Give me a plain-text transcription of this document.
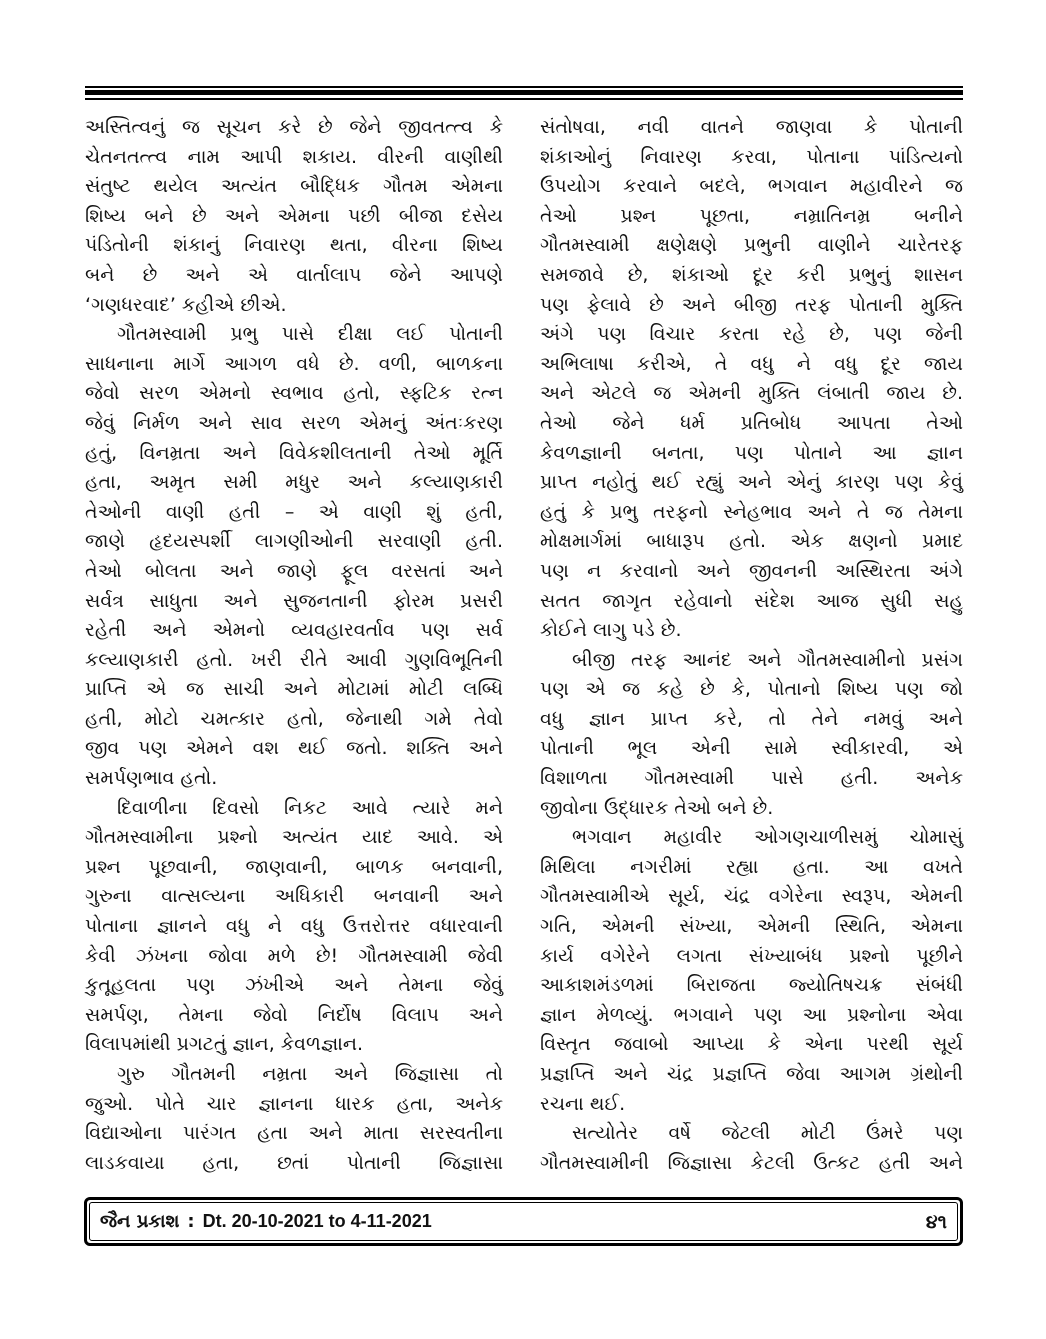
અસ્તિત્વનું જ સૂચન કરે છે જેને જીવતત્ત્વ કે
ચેતનતત્ત્વ નામ આપી શકાય. વીરની વાણીથી
સંતુષ્ટ થયેલ અત્યંત બૌદ્ધિક ગૌતમ એમના
શિષ્ય બને છે અને એમના પછી બીજા દસેય
પંડિતોની શંકાનું નિવારણ થતા, વીરના શિષ્ય
બને છે અને એ વાર્તાલાપ જેને આપણે
‘ગણધરવાદ’ કહીએ છીએ.
ગૌતમસ્વામી પ્રભુ પાસે દીક્ષા લઈ પોતાની
સાધનાના માર્ગે આગળ વધે છે. વળી, બાળકના
જેવો સરળ એમનો સ્વભાવ હતો, સ્ફટિક રત્ન
જેવું નિર્મળ અને સાવ સરળ એમનું અંતઃકરણ
હતું, વિનમ્રતા અને વિવેકશીલતાની તેઓ મૂર્તિ
હતા, અમૃત સમી મધુર અને કલ્યાણકારી
તેઓની વાણી હતી – એ વાણી શું હતી,
જાણે હૃદયસ્પર્શી લાગણીઓની સરવાણી હતી.
તેઓ બોલતા અને જાણે ફૂલ વરસતાં અને
સર્વત્ર સાધુતા અને સુજનતાની ફોરમ પ્રસરી
રહેતી અને એમનો વ્યવહારવર્તાવ પણ સર્વ
કલ્યાણકારી હતો. ખરી રીતે આવી ગુણવિભૂતિની
પ્રાપ્તિ એ જ સાચી અને મોટામાં મોટી લબ્ધિ
હતી, મોટો ચમત્કાર હતો, જેનાથી ગમે તેવો
જીવ પણ એમને વશ થઈ જતો. શક્તિ અને
સમર્પણભાવ હતો.
દિવાળીના દિવસો નિકટ આવે ત્યારે મને
ગૌતમસ્વામીના પ્રશ્નો અત્યંત યાદ આવે. એ
પ્રશ્ન પૂછવાની, જાણવાની, બાળક બનવાની,
ગુરુના વાત્સલ્યના અધિકારી બનવાની અને
પોતાના જ્ઞાનને વધુ ને વધુ ઉત્તરોત્તર વધારવાની
કેવી ઝંખના જોવા મળે છે! ગૌતમસ્વામી જેવી
કુતૂહલતા પણ ઝંખીએ અને તેમના જેવું
સમર્પણ, તેમના જેવો નિર્દોષ વિલાપ અને
વિલાપમાંથી પ્રગટતું જ્ઞાન, કેવળજ્ઞાન.
ગુરુ ગૌતમની નમ્રતા અને જિજ્ઞાસા તો
જુઓ. પોતે ચાર જ્ઞાનના ધારક હતા, અનેક
વિદ્યાઓના પારંગત હતા અને માતા સરસ્વતીના
લાડકવાયા હતા, છતાં પોતાની જિજ્ઞાસા
સંતોષવા, નવી વાતને જાણવા કે પોતાની
શંકાઓનું નિવારણ કરવા, પોતાના પાંડિત્યનો
ઉપયોગ કરવાને બદલે, ભગવાન મહાવીરને જ
તેઓ પ્રશ્ન પૂછતા, નમ્રાતિનમ્ર બનીને
ગૌતમસ્વામી ક્ષણેક્ષણે પ્રભુની વાણીને ચારેતરફ
સમજાવે છે, શંકાઓ દૂર કરી પ્રભુનું શાસન
પણ ફેલાવે છે અને બીજી તરફ પોતાની મુક્તિ
અંગે પણ વિચાર કરતા રહે છે, પણ જેની
અભિલાષા કરીએ, તે વધુ ને વધુ દૂર જાય
અને એટલે જ એમની મુક્તિ લંબાતી જાય છે.
તેઓ જેને ધર્મ પ્રતિબોધ આપતા તેઓ
કેવળજ્ઞાની બનતા, પણ પોતાને આ જ્ઞાન
પ્રાપ્ત નહોતું થઈ રહ્યું અને એનું કારણ પણ કેવું
હતું કે પ્રભુ તરફનો સ્નેહભાવ અને તે જ તેમના
મોક્ષમાર્ગમાં બાધારૂપ હતો. એક ક્ષણનો પ્રમાદ
પણ ન કરવાનો અને જીવનની અસ્થિરતા અંગે
સતત જાગૃત રહેવાનો સંદેશ આજ સુધી સહુ
કોઈને લાગુ પડે છે.
બીજી તરફ આનંદ અને ગૌતમસ્વામીનો પ્રસંગ
પણ એ જ કહે છે કે, પોતાનો શિષ્ય પણ જો
વધુ જ્ઞાન પ્રાપ્ત કરે, તો તેને નમવું અને
પોતાની ભૂલ એની સામે સ્વીકારવી, એ
વિશાળતા ગૌતમસ્વામી પાસે હતી. અનેક
જીવોના ઉદ્ધારક તેઓ બને છે.
ભગવાન મહાવીર ઓગણચાળીસમું ચોમાસું
મિથિલા નગરીમાં રહ્યા હતા. આ વખતે
ગૌતમસ્વામીએ સૂર્ય, ચંદ્ર વગેરેના સ્વરૂપ, એમની
ગતિ, એમની સંખ્યા, એમની સ્થિતિ, એમના
કાર્ય વગેરેને લગતા સંખ્યાબંધ પ્રશ્નો પૂછીને
આકાશમંડળમાં બિરાજતા જ્યોતિષચક્ર સંબંધી
જ્ઞાન મેળવ્યું. ભગવાને પણ આ પ્રશ્નોના એવા
વિસ્તૃત જવાબો આપ્યા કે એના પરથી સૂર્ય
પ્રજ્ઞપ્તિ અને ચંદ્ર પ્રજ્ઞપ્તિ જેવા આગમ ગ્રંથોની
રચના થઈ.
સત્યોતેર વર્ષે જેટલી મોટી ઉંમરે પણ
ગૌતમસ્વામીની જિજ્ઞાસા કેટલી ઉત્કટ હતી અને
જૈન પ્રકાશ : Dt. 20-10-2021 to 4-11-2021	૪૧
